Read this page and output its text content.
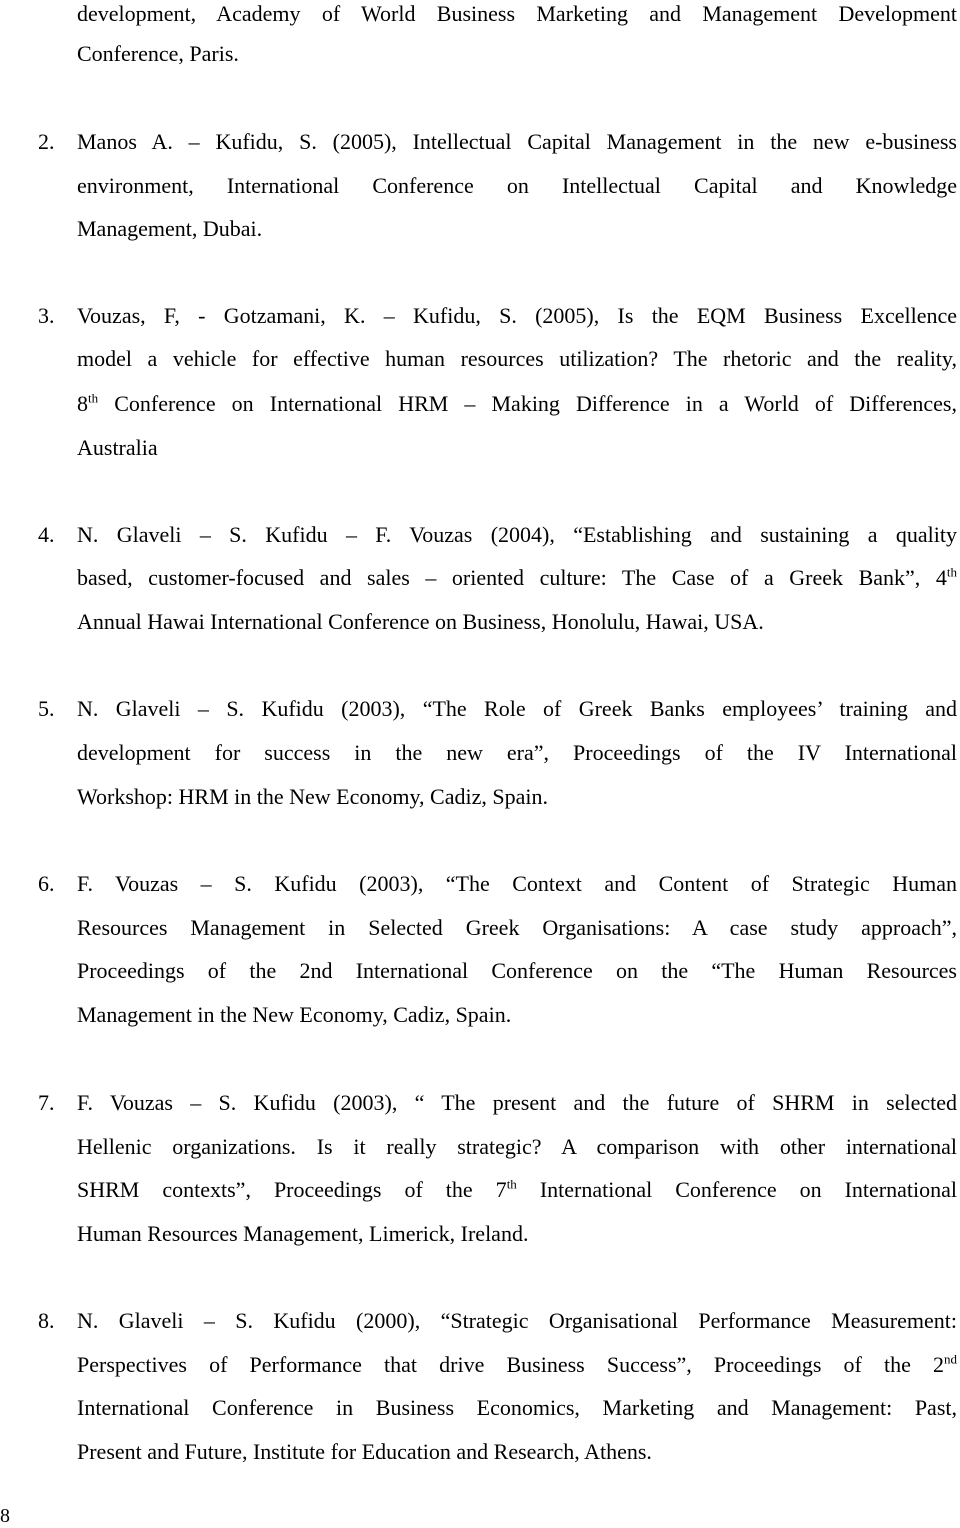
development, Academy of World Business Marketing and Management Development
Conference, Paris.
2. Manos A. – Kufidu, S. (2005), Intellectual Capital Management in the new e-business
environment, International Conference on Intellectual Capital and Knowledge
Management, Dubai.
3. Vouzas, F, - Gotzamani, K. – Kufidu, S. (2005), Is the EQM Business Excellence
model a vehicle for effective human resources utilization? The rhetoric and the reality,
8th Conference on International HRM – Making Difference in a World of Differences,
Australia
4. N. Glaveli – S. Kufidu – F. Vouzas (2004), “Establishing and sustaining a quality
based, customer-focused and sales – oriented culture: The Case of a Greek Bank”, 4th
Annual Hawai International Conference on Business, Honolulu, Hawai, USA.
5. N. Glaveli – S. Kufidu (2003), “The Role of Greek Banks employees’ training and
development for success in the new era”, Proceedings of the IV International
Workshop: HRM in the New Economy, Cadiz, Spain.
6. F. Vouzas – S. Kufidu (2003), “The Context and Content of Strategic Human
Resources Management in Selected Greek Organisations: A case study approach”,
Proceedings of the 2nd International Conference on the “The Human Resources
Management in the New Economy, Cadiz, Spain.
7. F. Vouzas – S. Kufidu (2003), “ The present and the future of SHRM in selected
Hellenic organizations. Is it really strategic? A comparison with other international
SHRM contexts”, Proceedings of the 7th International Conference on International
Human Resources Management, Limerick, Ireland.
8. N. Glaveli – S. Kufidu (2000), “Strategic Organisational Performance Measurement:
Perspectives of Performance that drive Business Success”, Proceedings of the 2nd
International Conference in Business Economics, Marketing and Management: Past,
Present and Future, Institute for Education and Research, Athens.
8
